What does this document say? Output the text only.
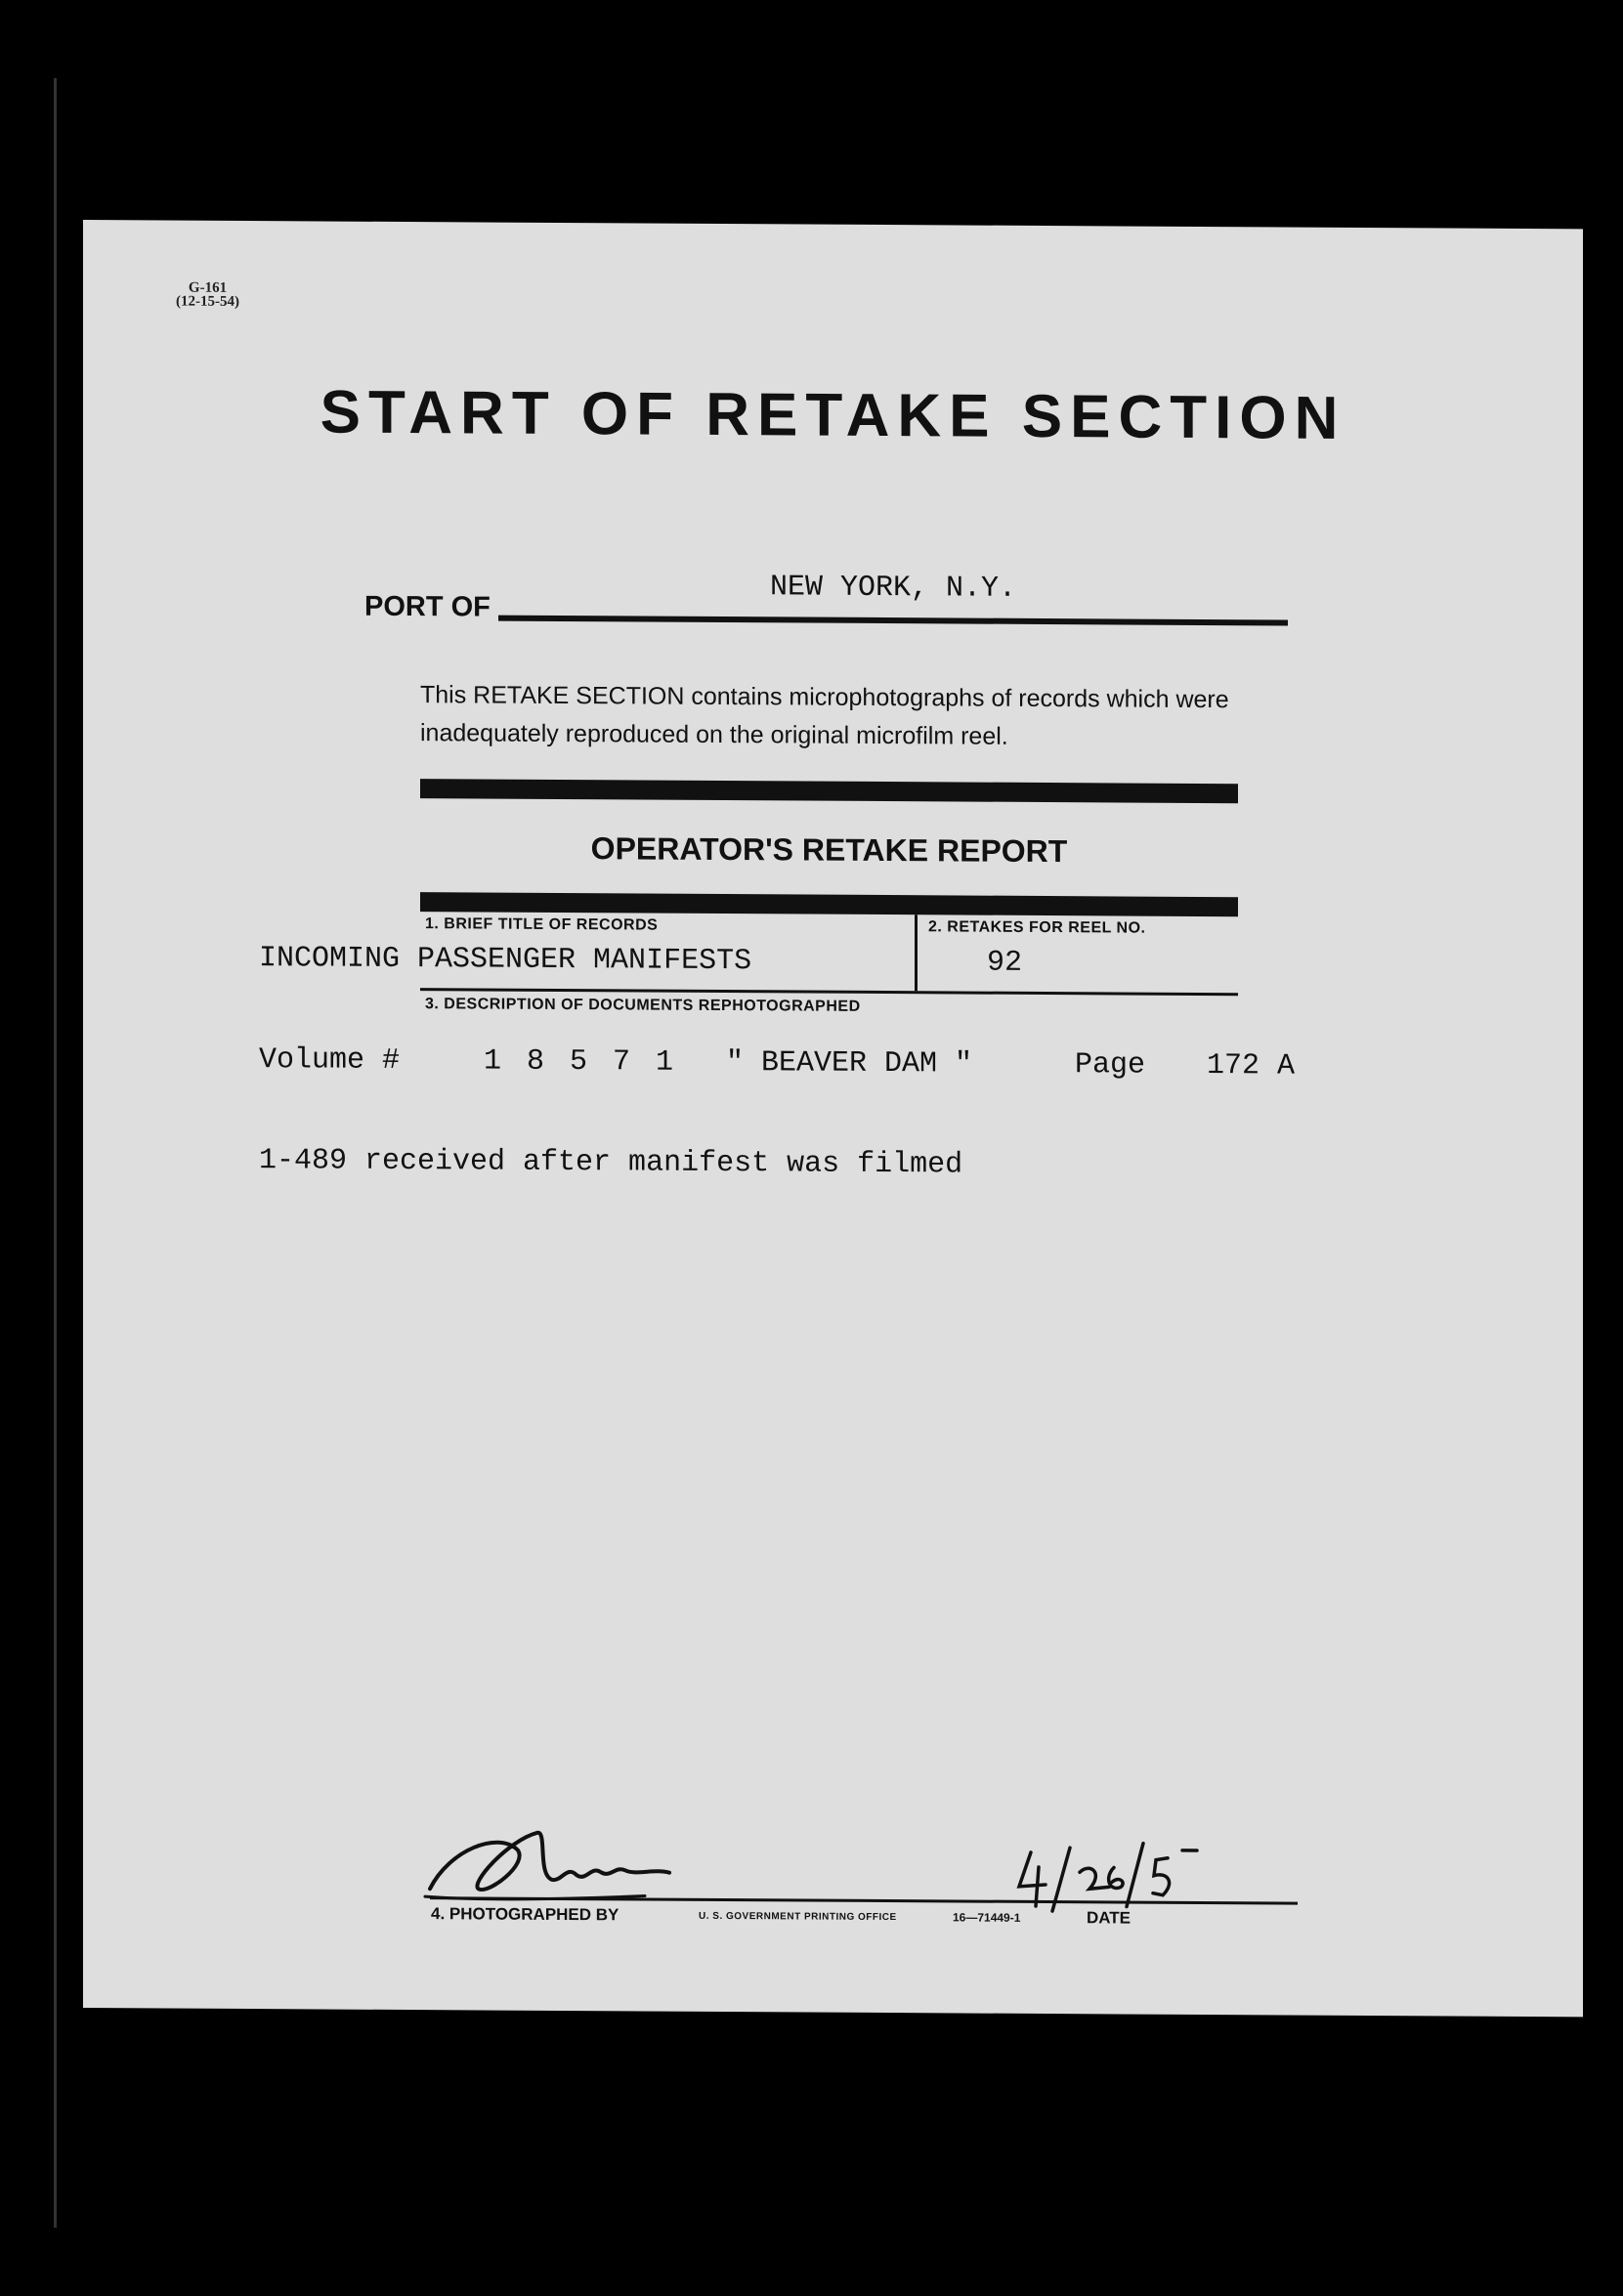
G-161
(12-15-54)
START OF RETAKE SECTION
PORT OF
NEW YORK, N.Y.
This RETAKE SECTION contains microphotographs of records which were inadequately reproduced on the original microfilm reel.
OPERATOR'S RETAKE REPORT
1. BRIEF TITLE OF RECORDS	2. RETAKES FOR REEL NO.
3. DESCRIPTION OF DOCUMENTS REPHOTOGRAPHED
INCOMING PASSENGER MANIFESTS	92
Volume #	1 8 5 7 1 " BEAVER DAM "	Page 172 A
1-489 received after manifest was filmed
4. PHOTOGRAPHED BY	U. S. GOVERNMENT PRINTING OFFICE	16—71449-1	DATE
